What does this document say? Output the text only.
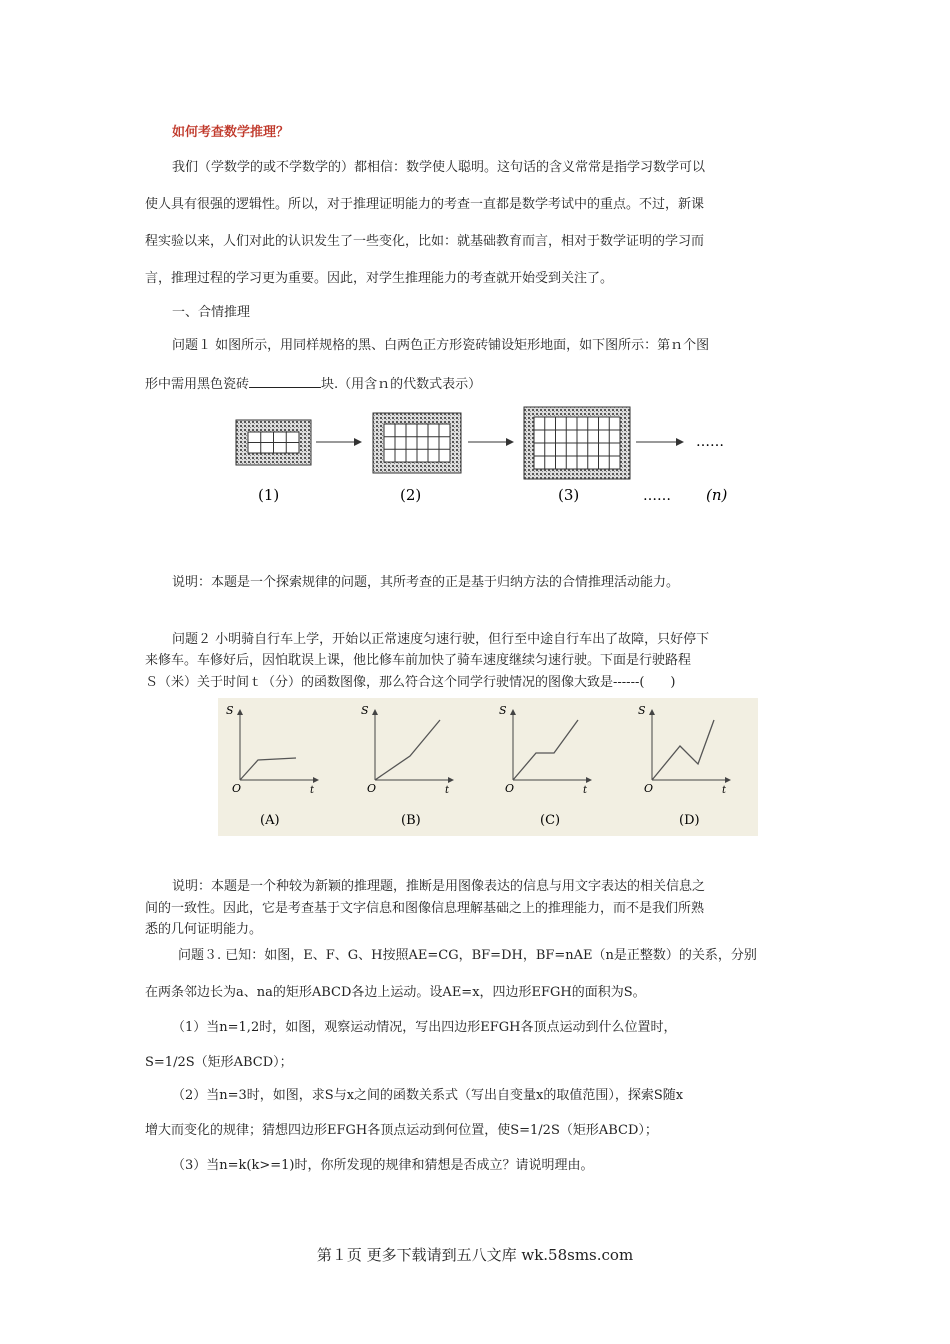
如何考查数学推理？
我们（学数学的或不学数学的）都相信：数学使人聪明。这句话的含义常常是指学习数学可以
使人具有很强的逻辑性。所以，对于推理证明能力的考查一直都是数学考试中的重点。不过，新课
程实验以来，人们对此的认识发生了一些变化，比如：就基础教育而言，相对于数学证明的学习而
言，推理过程的学习更为重要。因此，对学生推理能力的考查就开始受到关注了。
一、合情推理
问题１ 如图所示，用同样规格的黑、白两色正方形瓷砖铺设矩形地面，如下图所示：第ｎ个图
形中需用黑色瓷砖	块.（用含ｎ的代数式表示）
……
(1)	(2)	(3)	…… (n)
说明：本题是一个探索规律的问题，其所考查的正是基于归纳方法的合情推理活动能力。
问题２ 小明骑自行车上学，开始以正常速度匀速行驶，但行至中途自行车出了故障，只好停下
来修车。车修好后，因怕耽误上课，他比修车前加快了骑车速度继续匀速行驶。下面是行驶路程
Ｓ（米）关于时间ｔ（分）的函数图像，那么符合这个同学行驶情况的图像大致是------(　　)
S
O	t
(A)
S
O	t
(B)
S
O	t
(C)
S
O	t
(D)
说明：本题是一个种较为新颖的推理题，推断是用图像表达的信息与用文字表达的相关信息之
间的一致性。因此，它是考查基于文字信息和图像信息理解基础之上的推理能力，而不是我们所熟
悉的几何证明能力。
问题３. 已知：如图，E、F、G、H按照AE=CG，BF=DH，BF=nAE（n是正整数）的关系，分别
在两条邻边长为a、na的矩形ABCD各边上运动。设AE=x，四边形EFGH的面积为S。
（1）当n=1,2时，如图，观察运动情况，写出四边形EFGH各顶点运动到什么位置时，
S=1/2S（矩形ABCD）；
（2）当n=3时，如图，求S与x之间的函数关系式（写出自变量x的取值范围），探索S随x
增大而变化的规律；猜想四边形EFGH各顶点运动到何位置，使S=1/2S（矩形ABCD）；
（3）当n=k(k>=1)时，你所发现的规律和猜想是否成立？请说明理由。
第１页 更多下载请到五八文库 wk.58sms.com
